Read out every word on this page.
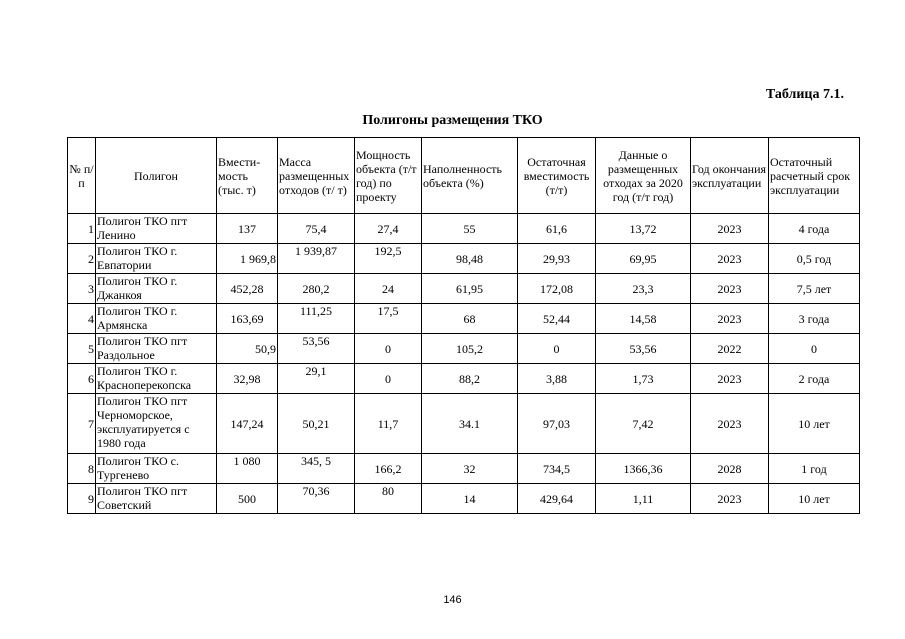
Таблица 7.1.
Полигоны размещения ТКО
№ п/п	Полигон	Вмести-мость (тыс. т)	Масса размещенных отходов (т/ т)	Мощность объекта (т/т год) по проекту	Наполненность объекта (%)	Остаточная вместимость (т/т)	Данные о размещенных отходах за 2020 год (т/т год)	Год окончания эксплуатации	Остаточный расчетный срок эксплуатации
1	Полигон ТКО пгт Ленино	137	75,4	27,4	55	61,6	13,72	2023	4 года
2	Полигон ТКО г. Евпатории	1 969,8	1 939,87	192,5	98,48	29,93	69,95	2023	0,5 год
3	Полигон ТКО г. Джанкоя	452,28	280,2	24	61,95	172,08	23,3	2023	7,5 лет
4	Полигон ТКО г. Армянска	163,69	111,25	17,5	68	52,44	14,58	2023	3 года
5	Полигон ТКО пгт Раздольное	50,9	53,56	0	105,2	0	53,56	2022	0
6	Полигон ТКО г. Красноперекопска	32,98	29,1	0	88,2	3,88	1,73	2023	2 года
7	Полигон ТКО пгт Черноморское, эксплуатируется с 1980 года	147,24	50,21	11,7	34.1	97,03	7,42	2023	10 лет
8	Полигон ТКО с. Тургенево	1 080	345, 5	166,2	32	734,5	1366,36	2028	1 год
9	Полигон ТКО пгт Советский	500	70,36	80	14	429,64	1,11	2023	10 лет
146
